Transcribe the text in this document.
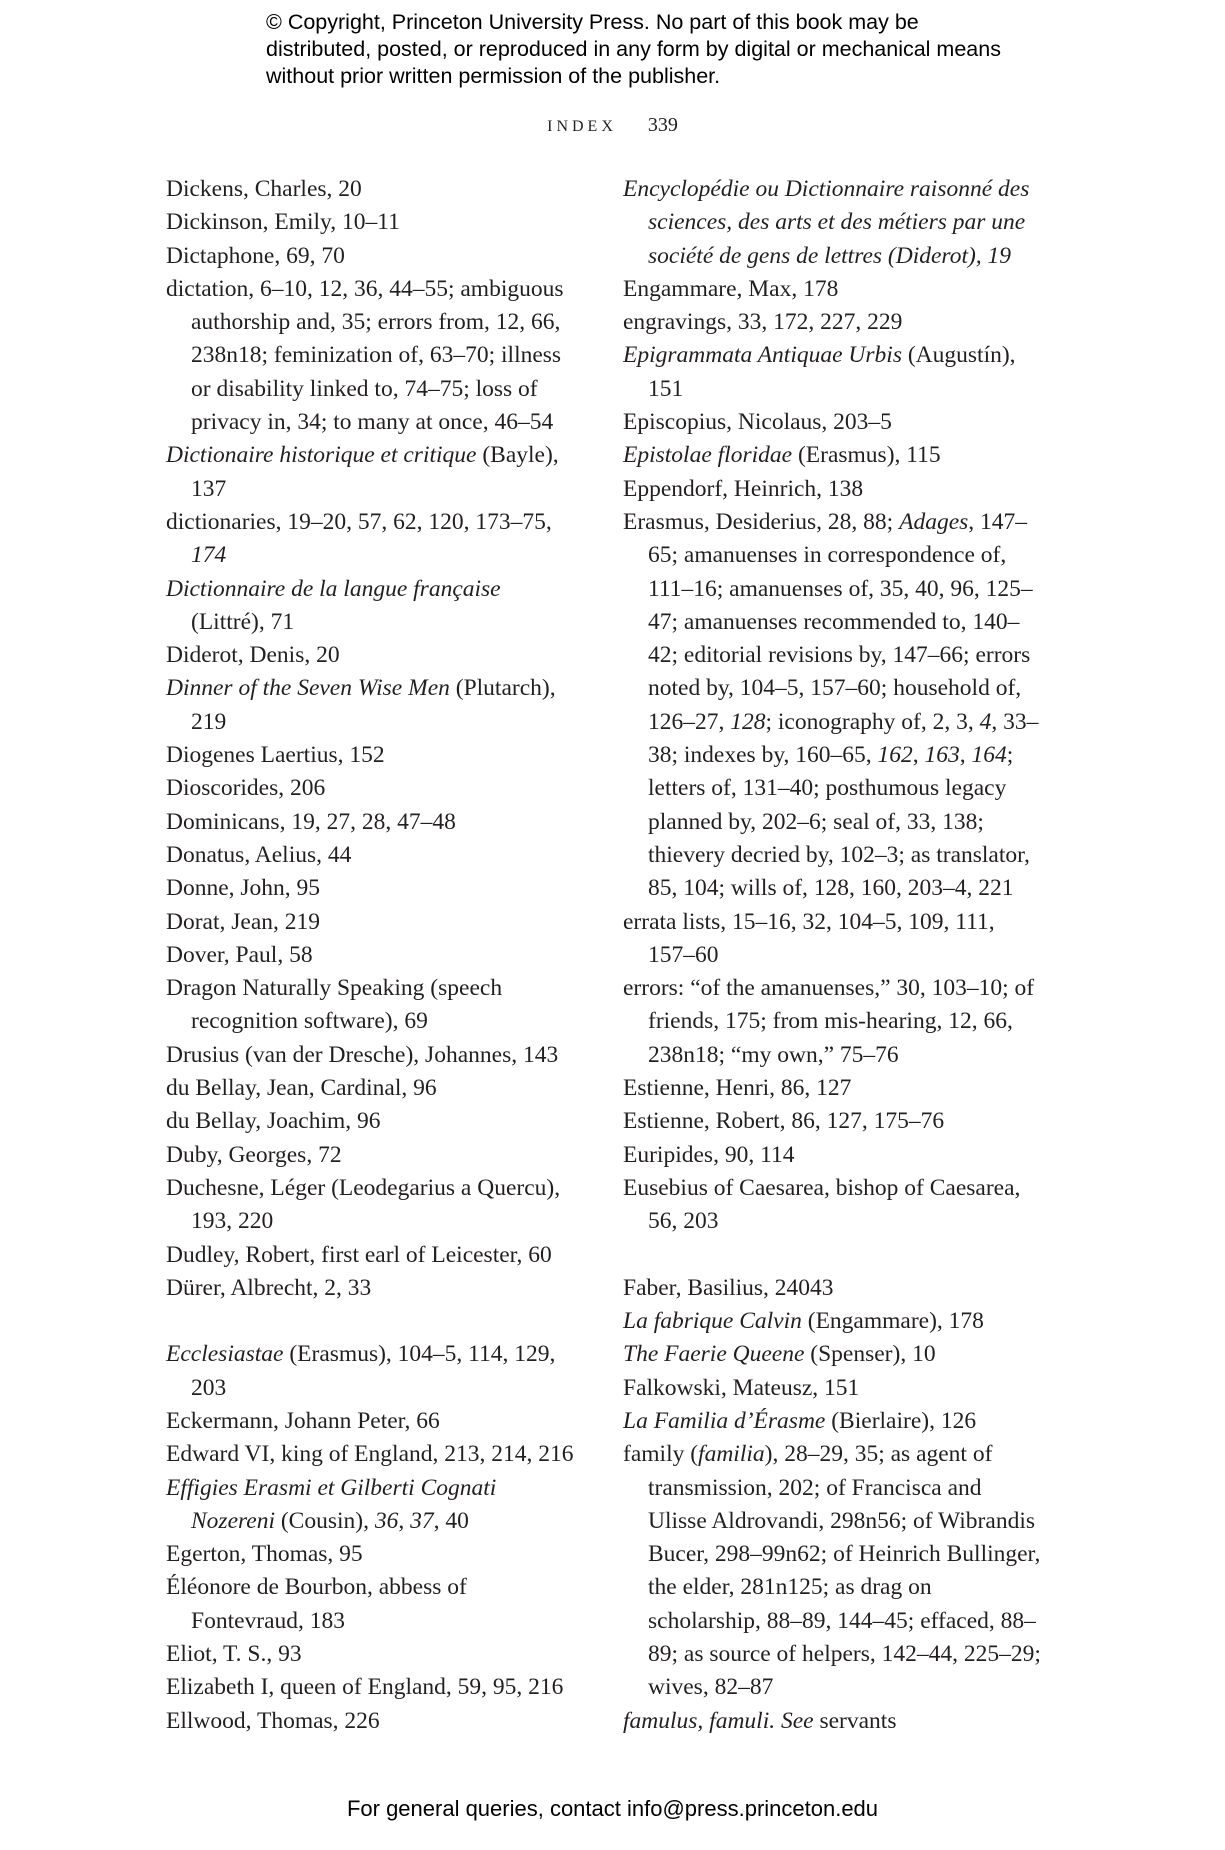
© Copyright, Princeton University Press. No part of this book may be distributed, posted, or reproduced in any form by digital or mechanical means without prior written permission of the publisher.
INDEX 339
Dickens, Charles, 20
Dickinson, Emily, 10–11
Dictaphone, 69, 70
dictation, 6–10, 12, 36, 44–55; ambiguous authorship and, 35; errors from, 12, 66, 238n18; feminization of, 63–70; illness or disability linked to, 74–75; loss of privacy in, 34; to many at once, 46–54
Dictionaire historique et critique (Bayle), 137
dictionaries, 19–20, 57, 62, 120, 173–75, 174
Dictionnaire de la langue française (Littré), 71
Diderot, Denis, 20
Dinner of the Seven Wise Men (Plutarch), 219
Diogenes Laertius, 152
Dioscorides, 206
Dominicans, 19, 27, 28, 47–48
Donatus, Aelius, 44
Donne, John, 95
Dorat, Jean, 219
Dover, Paul, 58
Dragon Naturally Speaking (speech recognition software), 69
Drusius (van der Dresche), Johannes, 143
du Bellay, Jean, Cardinal, 96
du Bellay, Joachim, 96
Duby, Georges, 72
Duchesne, Léger (Leodegarius a Quercu), 193, 220
Dudley, Robert, first earl of Leicester, 60
Dürer, Albrecht, 2, 33
Ecclesiastae (Erasmus), 104–5, 114, 129, 203
Eckermann, Johann Peter, 66
Edward VI, king of England, 213, 214, 216
Effigies Erasmi et Gilberti Cognati Nozereni (Cousin), 36, 37, 40
Egerton, Thomas, 95
Éléonore de Bourbon, abbess of Fontevraud, 183
Eliot, T. S., 93
Elizabeth I, queen of England, 59, 95, 216
Ellwood, Thomas, 226
Encyclopédie ou Dictionnaire raisonné des sciences, des arts et des métiers par une société de gens de lettres (Diderot), 19
Engammare, Max, 178
engravings, 33, 172, 227, 229
Epigrammata Antiquae Urbis (Augustín), 151
Episcopius, Nicolaus, 203–5
Epistolae floridae (Erasmus), 115
Eppendorf, Heinrich, 138
Erasmus, Desiderius, 28, 88; Adages, 147–65; amanuenses in correspondence of, 111–16; amanuenses of, 35, 40, 96, 125–47; amanuenses recommended to, 140–42; editorial revisions by, 147–66; errors noted by, 104–5, 157–60; household of, 126–27, 128; iconography of, 2, 3, 4, 33–38; indexes by, 160–65, 162, 163, 164; letters of, 131–40; posthumous legacy planned by, 202–6; seal of, 33, 138; thievery decried by, 102–3; as translator, 85, 104; wills of, 128, 160, 203–4, 221
errata lists, 15–16, 32, 104–5, 109, 111, 157–60
errors: “of the amanuenses,” 30, 103–10; of friends, 175; from mis-hearing, 12, 66, 238n18; “my own,” 75–76
Estienne, Henri, 86, 127
Estienne, Robert, 86, 127, 175–76
Euripides, 90, 114
Eusebius of Caesarea, bishop of Caesarea, 56, 203
Faber, Basilius, 24043
La fabrique Calvin (Engammare), 178
The Faerie Queene (Spenser), 10
Falkowski, Mateusz, 151
La Familia d’Érasme (Bierlaire), 126
family (familia), 28–29, 35; as agent of transmission, 202; of Francisca and Ulisse Aldrovandi, 298n56; of Wibrandis Bucer, 298–99n62; of Heinrich Bullinger, the elder, 281n125; as drag on scholarship, 88–89, 144–45; effaced, 88–89; as source of helpers, 142–44, 225–29; wives, 82–87
famulus, famuli. See servants
For general queries, contact info@press.princeton.edu
